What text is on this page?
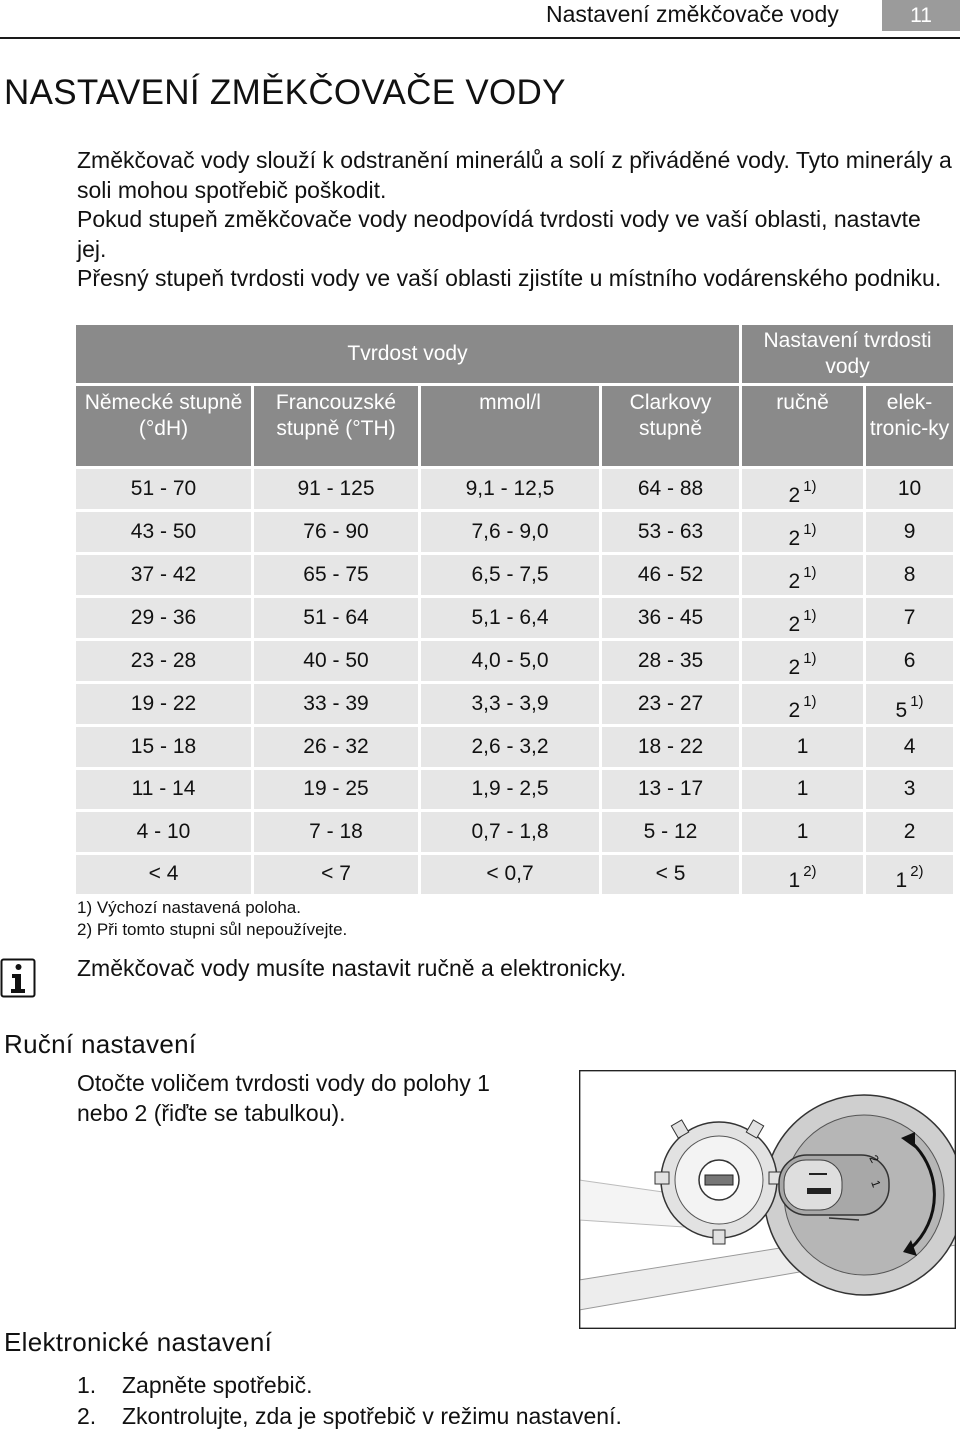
Nastavení změkčovače vody	11
NASTAVENÍ ZMĚKČOVAČE VODY

Změkčovač vody slouží k odstranění minerálů a solí z přiváděné vody. Tyto minerály a soli mohou spotřebič poškodit.

Pokud stupeň změkčovače vody neodpovídá tvrdosti vody ve vaší oblasti, nastavte jej.

Přesný stupeň tvrdosti vody ve vaší oblasti zjistíte u místního vodárenského podniku.

Tvrdost vody				Nastavení tvrdosti vody	
Německé stupně (°dH)	Francouzské stupně (°TH)	mmol/l	Clarkovy stupně	ručně	elek-tronic-ky
51 - 70	91 - 125	9,1 - 12,5	64 - 88	2 $^{1)}$	10
43 - 50	76 - 90	7,6 - 9,0	53 - 63	2 $^{1)}$	9
37 - 42	65 - 75	6,5 - 7,5	46 - 52	2 $^{1)}$	8
29 - 36	51 - 64	5,1 - 6,4	36 - 45	2 $^{1)}$	7
23 - 28	40 - 50	4,0 - 5,0	28 - 35	2 $^{1)}$	6
19 - 22	33 - 39	3,3 - 3,9	23 - 27	2 $^{1)}$	5 $^{1)}$
15 - 18	26 - 32	2,6 - 3,2	18 - 22	1	4
11 - 14	19 - 25	1,9 - 2,5	13 - 17	1	3
4 - 10	7 - 18	0,7 - 1,8	5 - 12	1	2
< 4	< 7	< 0,7	< 5	1 $^{2)}$	1 $^{2)}$
1) Výchozí nastavená poloha.
2) Při tomto stupni sůl nepoužívejte.
Změkčovač vody musíte nastavit ručně a elektronicky.
Ruční nastavení
Otočte voličem tvrdosti vody do polohy 1 nebo 2 (řiďte se tabulkou).
2
1
Elektronické nastavení
1. Zapněte spotřebič.
2. Zkontrolujte, zda je spotřebič v režimu nastavení.
